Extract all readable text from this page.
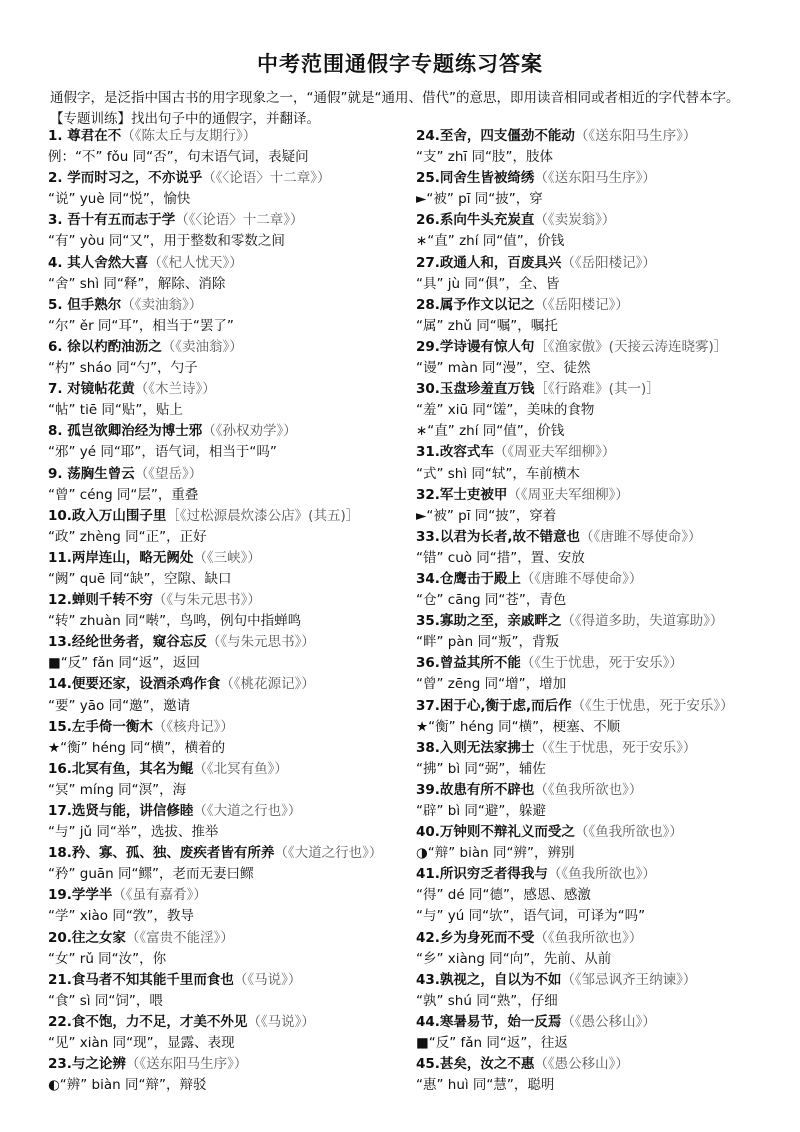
中考范围通假字专题练习答案
通假字，是泛指中国古书的用字现象之一，“通假”就是“通用、借代”的意思，即用读音相同或者相近的字代替本字。
【专题训练】找出句子中的通假字，并翻译。
1. 尊君在不（《陈太丘与友期行》）
例：“不” fǒu 同“否”，句末语气词，表疑问
2. 学而时习之，不亦说乎（《〈论语〉十二章》）
“说” yuè 同“悦”，愉快
3. 吾十有五而志于学（《〈论语〉十二章》）
“有” yòu 同“又”，用于整数和零数之间
4. 其人舍然大喜（《杞人忧天》）
“舍” shì 同“释”，解除、消除
5. 但手熟尔（《卖油翁》）
“尔” ěr 同“耳”，相当于“罢了”
6. 徐以杓酌油沥之（《卖油翁》）
“杓” sháo 同“勺”，勺子
7. 对镜帖花黄（《木兰诗》）
“帖” tiē 同“贴”，贴上
8. 孤岂欲卿治经为博士邪（《孙权劝学》）
“邪” yé 同“耶”，语气词，相当于“吗”
9. 荡胸生曾云（《望岳》）
“曾” céng 同“层”，重叠
10.政入万山围子里［《过松源晨炊漆公店》(其五)］
“政” zhèng 同“正”，正好
11.两岸连山，略无阙处（《三峡》）
“阙” quē 同“缺”，空隙、缺口
12.蝉则千转不穷（《与朱元思书》）
“转” zhuàn 同“啭”，鸟鸣，例句中指蝉鸣
13.经纶世务者，窥谷忘反（《与朱元思书》）
■“反” fǎn 同“返”，返回
14.便要还家，设酒杀鸡作食（《桃花源记》）
“要” yāo 同“邀”，邀请
15.左手倚一衡木（《核舟记》）
★“衡” héng 同“横”，横着的
16.北冥有鱼，其名为鲲（《北冥有鱼》）
“冥” míng 同“溟”，海
17.选贤与能，讲信修睦（《大道之行也》）
“与” jǔ 同“举”，选拔、推举
18.矜、寡、孤、独、废疾者皆有所养（《大道之行也》）
“矜” guān 同“鳏”，老而无妻曰鳏
19.学学半（《虽有嘉肴》）
“学” xiào 同“敩”，教导
20.往之女家（《富贵不能淫》）
“女” rǔ 同“汝”，你
21.食马者不知其能千里而食也（《马说》）
“食” sì 同“饲”，喂
22.食不饱，力不足，才美不外见（《马说》）
“见” xiàn 同“现”，显露、表现
23.与之论辨（《送东阳马生序》）
◐“辨” biàn 同“辩”，辩驳
24.至舍，四支僵劲不能动（《送东阳马生序》）
“支” zhī 同“肢”，肢体
25.同舍生皆被绮绣（《送东阳马生序》）
►“被” pī 同“披”，穿
26.系向牛头充炭直（《卖炭翁》）
∗“直” zhí 同“值”，价钱
27.政通人和，百废具兴（《岳阳楼记》）
“具” jù 同“俱”，全、皆
28.属予作文以记之（《岳阳楼记》）
“属” zhǔ 同“嘱”，嘱托
29.学诗谩有惊人句［《渔家傲》(天接云涛连晓雾)］
“谩” màn 同“漫”，空、徒然
30.玉盘珍羞直万钱［《行路难》(其一)］
“羞” xiū 同“馐”，美味的食物
∗“直” zhí 同“值”，价钱
31.改容式车（《周亚夫军细柳》）
“式” shì 同“轼”，车前横木
32.军士吏被甲（《周亚夫军细柳》）
►“被” pī 同“披”，穿着
33.以君为长者,故不错意也（《唐雎不辱使命》）
“错” cuò 同“措”，置、安放
34.仓鹰击于殿上（《唐雎不辱使命》）
“仓” cāng 同“苍”，青色
35.寡助之至，亲戚畔之（《得道多助，失道寡助》）
“畔” pàn 同“叛”，背叛
36.曾益其所不能（《生于忧患，死于安乐》）
“曾” zēng 同“增”，增加
37.困于心,衡于虑,而后作（《生于忧患，死于安乐》）
★“衡” héng 同“横”，梗塞、不顺
38.入则无法家拂士（《生于忧患，死于安乐》）
“拂” bì 同“弼”，辅佐
39.故患有所不辟也（《鱼我所欲也》）
“辟” bì 同“避”，躲避
40.万钟则不辩礼义而受之（《鱼我所欲也》）
◑“辩” biàn 同“辨”，辨别
41.所识穷乏者得我与（《鱼我所欲也》）
“得” dé 同“德”，感恩、感激
“与” yú 同“欤”，语气词，可译为“吗”
42.乡为身死而不受（《鱼我所欲也》）
“乡” xiàng 同“向”，先前、从前
43.孰视之，自以为不如（《邹忌讽齐王纳谏》）
“孰” shú 同“熟”，仔细
44.寒暑易节，始一反焉（《愚公移山》）
■“反” fǎn 同“返”，往返
45.甚矣，汝之不惠（《愚公移山》）
“惠” huì 同“慧”，聪明
